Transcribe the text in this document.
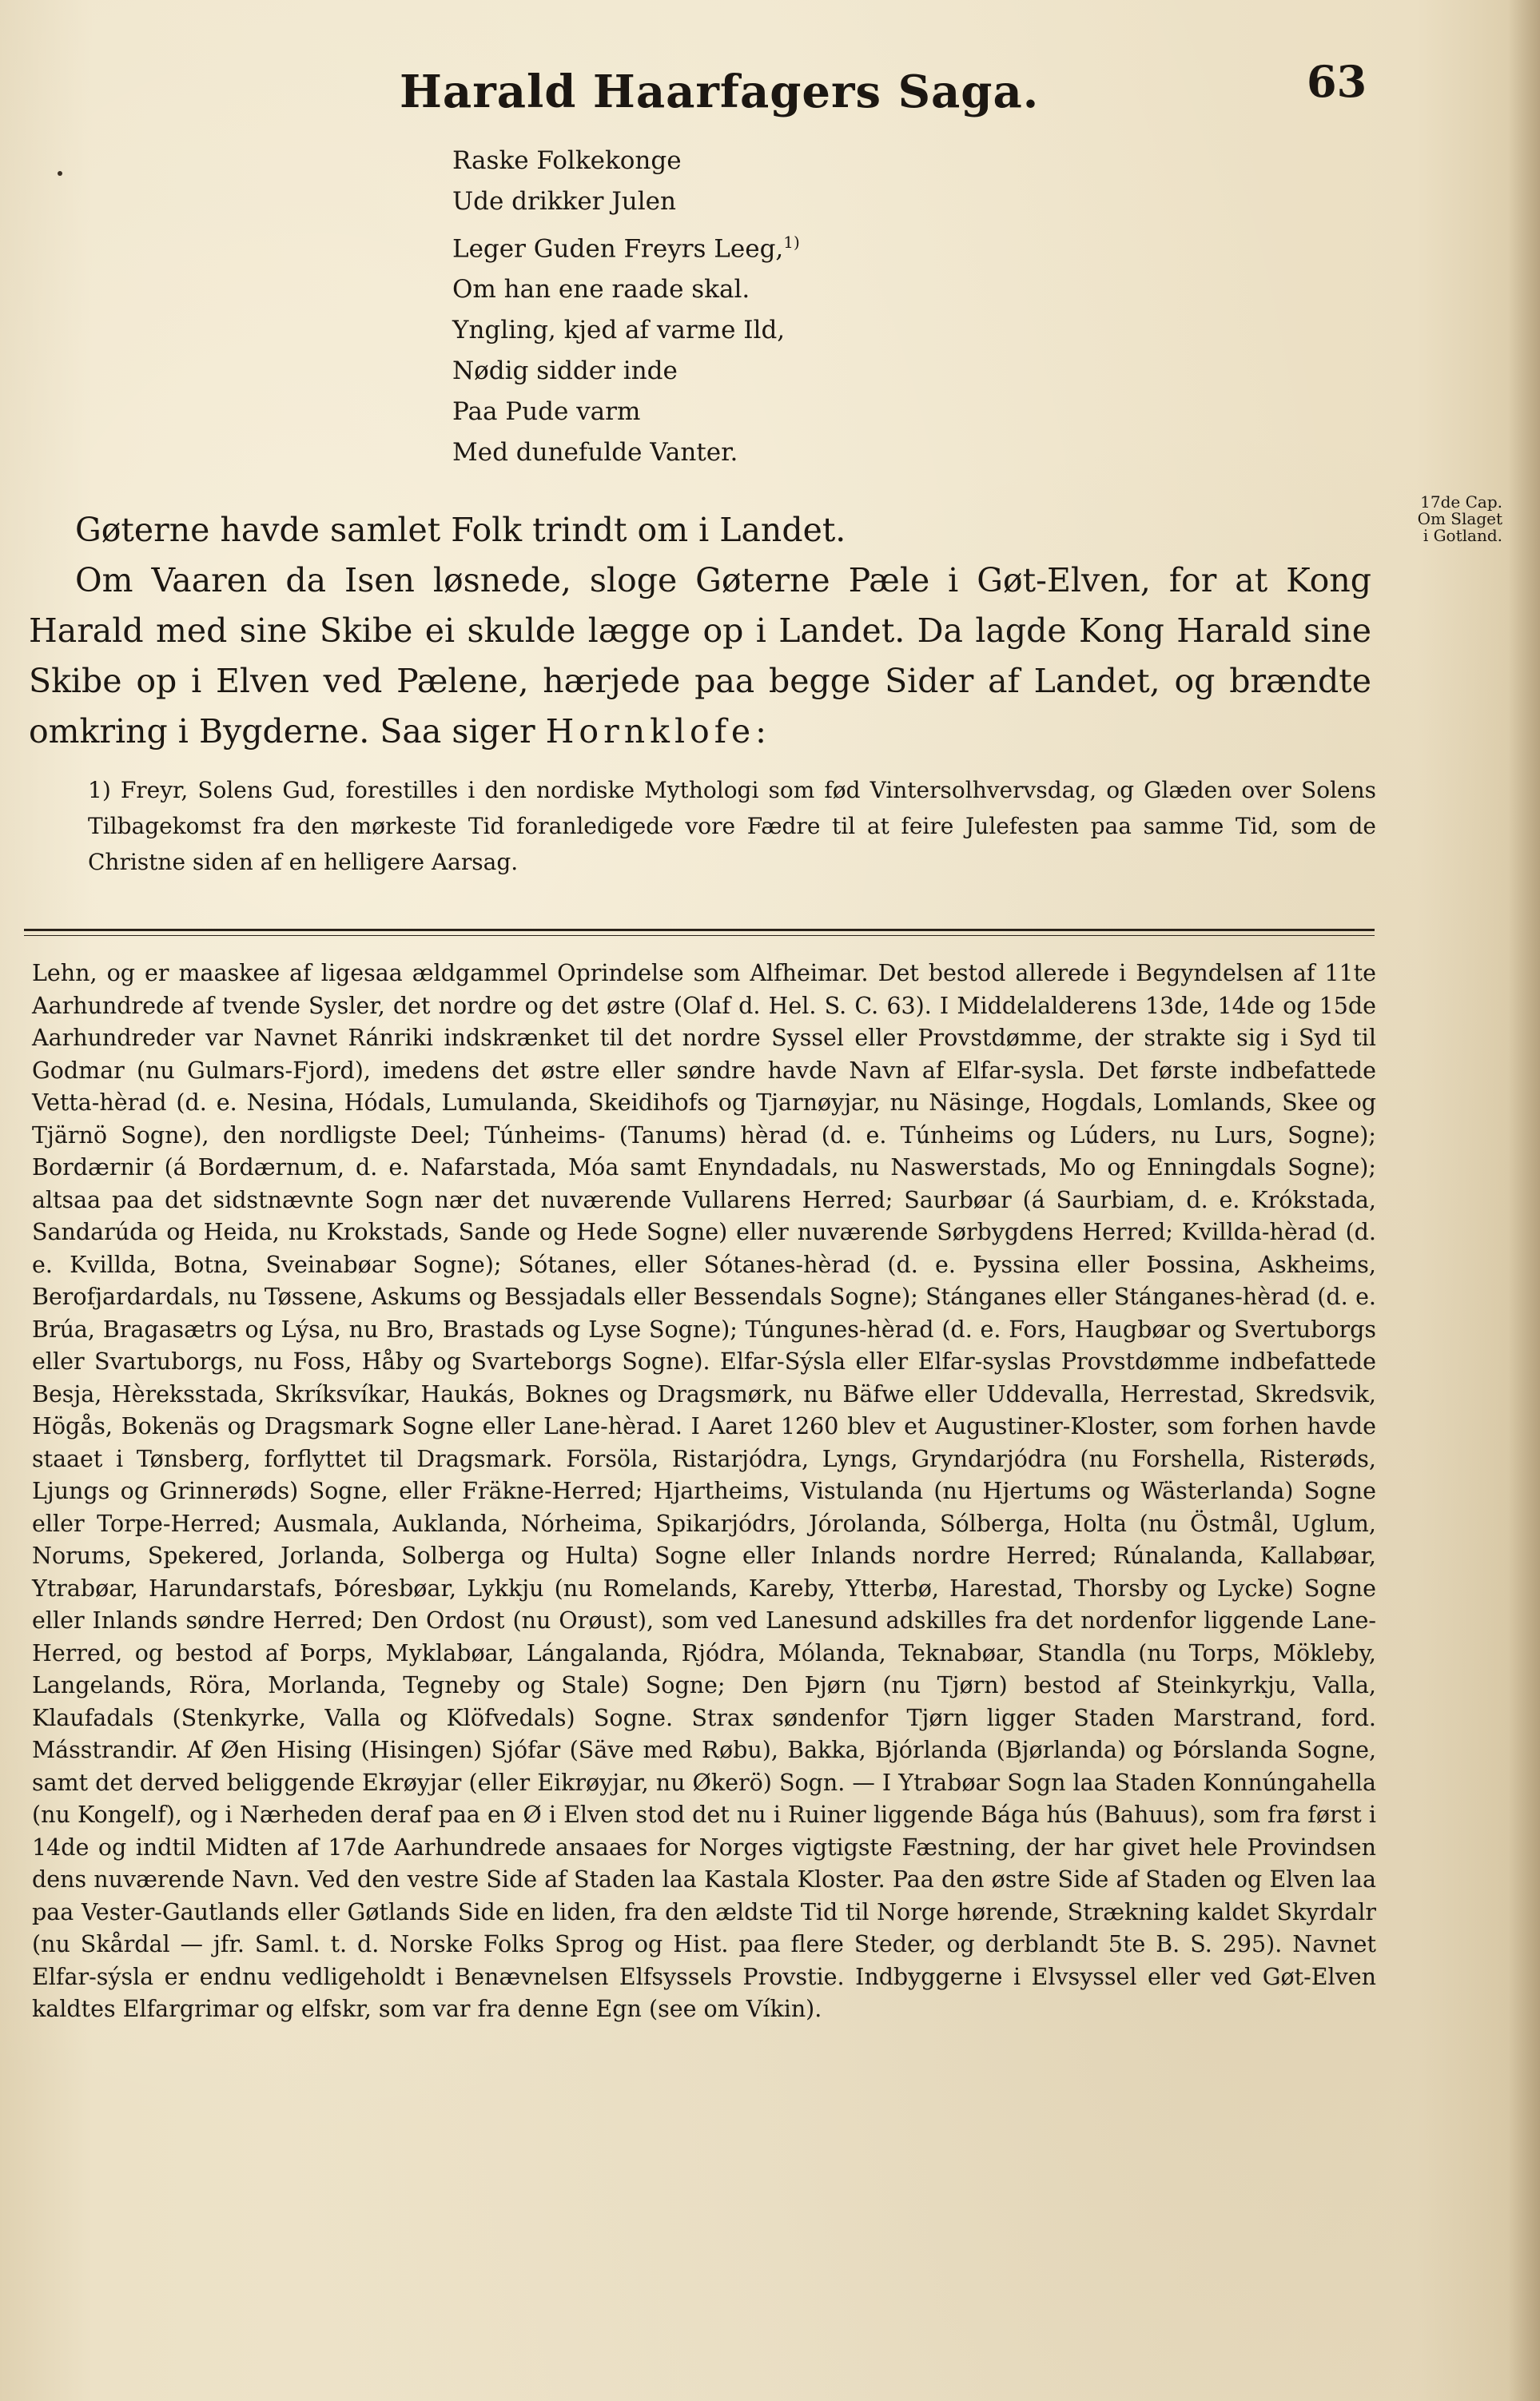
Harald Haarfagers Saga.	63
Raske Folkekonge
Ude drikker Julen
Leger Guden Freyrs Leeg,$^{1)}$
Om han ene raade skal.
Yngling, kjed af varme Ild,
Nødig sidder inde
Paa Pude varm
Med dunefulde Vanter.
17de Cap.
Om Slaget
i Gotland.

Gøterne havde samlet Folk trindt om i Landet.

Om Vaaren da Isen løsnede, sloge Gøterne Pæle i Gøt-Elven, for at Kong Harald med sine Skibe ei skulde lægge op i Landet. Da lagde Kong Harald sine Skibe op i Elven ved Pælene, hærjede paa begge Sider af Landet, og brændte omkring i Bygderne. Saa siger Hornklofe:

1) Freyr, Solens Gud, forestilles i den nordiske Mythologi som fød Vintersolhvervsdag, og Glæden over Solens Tilbagekomst fra den mørkeste Tid foranledigede vore Fædre til at feire Julefesten paa samme Tid, som de Christne siden af en helligere Aarsag.

Lehn, og er maaskee af ligesaa ældgammel Oprindelse som Alfheimar. Det bestod allerede i Begyndelsen af 11te Aarhundrede af tvende Sysler, det nordre og det østre (Olaf d. Hel. S. C. 63). I Middelalderens 13de, 14de og 15de Aarhundreder var Navnet Ránriki indskrænket til det nordre Syssel eller Provstdømme, der strakte sig i Syd til Godmar (nu Gulmars-Fjord), imedens det østre eller søndre havde Navn af Elfar-sysla. Det første indbefattede Vetta-hèrad (d. e. Nesina, Hódals, Lumulanda, Skeidihofs og Tjarnøyjar, nu Näsinge, Hogdals, Lomlands, Skee og Tjärnö Sogne), den nordligste Deel; Túnheims- (Tanums) hèrad (d. e. Túnheims og Lúders, nu Lurs, Sogne); Bordærnir (á Bordærnum, d. e. Nafarstada, Móa samt Enyndadals, nu Naswerstads, Mo og Enningdals Sogne); altsaa paa det sidstnævnte Sogn nær det nuværende Vullarens Herred; Saurbøar (á Saurbiam, d. e. Krókstada, Sandarúda og Heida, nu Krokstads, Sande og Hede Sogne) eller nuværende Sørbygdens Herred; Kvillda-hèrad (d. e. Kvillda, Botna, Sveinabøar Sogne); Sótanes, eller Sótanes-hèrad (d. e. Þyssina eller Þossina, Askheims, Berofjardardals, nu Tøssene, Askums og Bessjadals eller Bessendals Sogne); Stánganes eller Stánganes-hèrad (d. e. Brúa, Bragasætrs og Lýsa, nu Bro, Brastads og Lyse Sogne); Túngunes-hèrad (d. e. Fors, Haugbøar og Svertuborgs eller Svartuborgs, nu Foss, Håby og Svarteborgs Sogne). Elfar-Sýsla eller Elfar-syslas Provstdømme indbefattede Besja, Hèreksstada, Skríksvíkar, Haukás, Boknes og Dragsmørk, nu Bäfwe eller Uddevalla, Herrestad, Skredsvik, Högås, Bokenäs og Dragsmark Sogne eller Lane-hèrad. I Aaret 1260 blev et Augustiner-Kloster, som forhen havde staaet i Tønsberg, forflyttet til Dragsmark. Forsöla, Ristarjódra, Lyngs, Gryndarjódra (nu Forshella, Risterøds, Ljungs og Grinnerøds) Sogne, eller Fräkne-Herred; Hjartheims, Vistulanda (nu Hjertums og Wästerlanda) Sogne eller Torpe-Herred; Ausmala, Auklanda, Nórheima, Spikarjódrs, Jórolanda, Sólberga, Holta (nu Östmål, Uglum, Norums, Spekered, Jorlanda, Solberga og Hulta) Sogne eller Inlands nordre Herred; Rúnalanda, Kallabøar, Ytrabøar, Harundarstafs, Þóresbøar, Lykkju (nu Romelands, Kareby, Ytterbø, Harestad, Thorsby og Lycke) Sogne eller Inlands søndre Herred; Den Ordost (nu Orøust), som ved Lanesund adskilles fra det nordenfor liggende Lane-Herred, og bestod af Þorps, Myklabøar, Lángalanda, Rjódra, Mólanda, Teknabøar, Standla (nu Torps, Mökleby, Langelands, Röra, Morlanda, Tegneby og Stale) Sogne; Den Þjørn (nu Tjørn) bestod af Steinkyrkju, Valla, Klaufadals (Stenkyrke, Valla og Klöfvedals) Sogne. Strax søndenfor Tjørn ligger Staden Marstrand, ford. Másstrandir. Af Øen Hising (Hisingen) Sjófar (Säve med Røbu), Bakka, Bjórlanda (Bjørlanda) og Þórslanda Sogne, samt det derved beliggende Ekrøyjar (eller Eikrøyjar, nu Økerö) Sogn. — I Ytrabøar Sogn laa Staden Konnúngahella (nu Kongelf), og i Nærheden deraf paa en Ø i Elven stod det nu i Ruiner liggende Bága hús (Bahuus), som fra først i 14de og indtil Midten af 17de Aarhundrede ansaaes for Norges vigtigste Fæstning, der har givet hele Provindsen dens nuværende Navn. Ved den vestre Side af Staden laa Kastala Kloster. Paa den østre Side af Staden og Elven laa paa Vester-Gautlands eller Gøtlands Side en liden, fra den ældste Tid til Norge hørende, Strækning kaldet Skyrdalr (nu Skårdal — jfr. Saml. t. d. Norske Folks Sprog og Hist. paa flere Steder, og derblandt 5te B. S. 295). Navnet Elfar-sýsla er endnu vedligeholdt i Benævnelsen Elfsyssels Provstie. Indbyggerne i Elvsyssel eller ved Gøt-Elven kaldtes Elfargrimar og elfskr, som var fra denne Egn (see om Víkin).
